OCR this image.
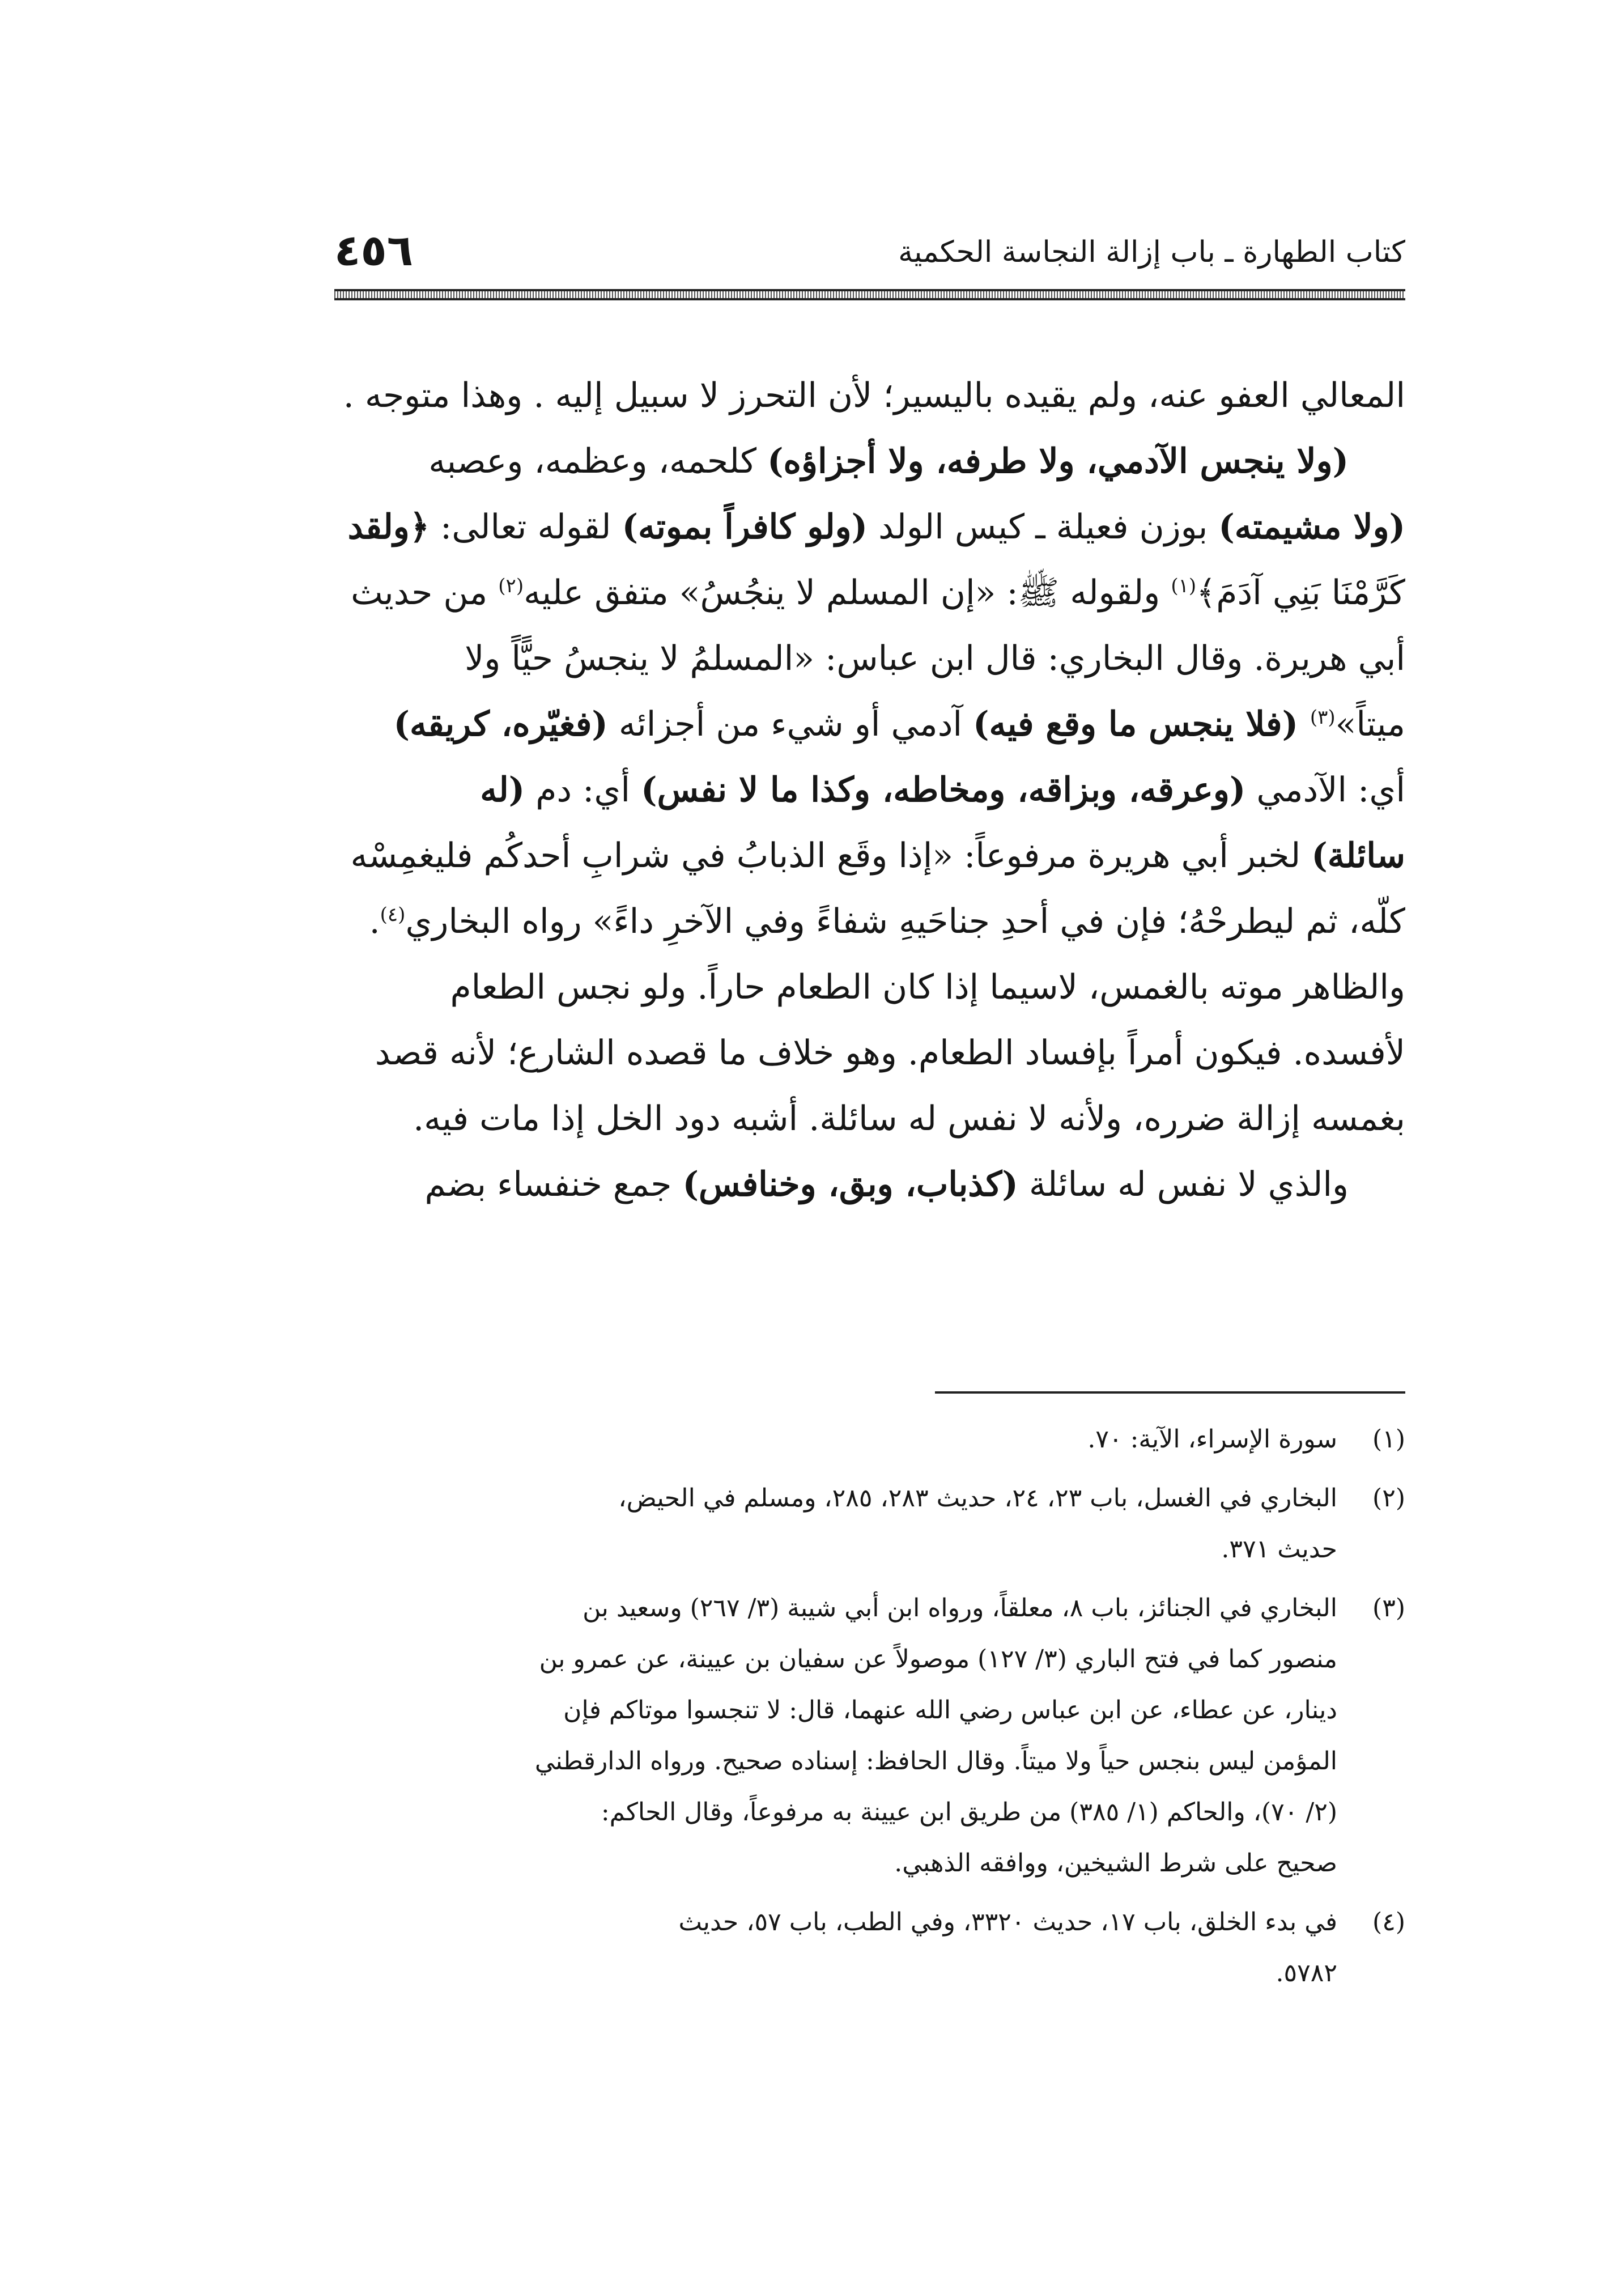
كتاب الطهارة ـ باب إزالة النجاسة الحكمية
٤٥٦
المعالي العفو عنه، ولم يقيده باليسير؛ لأن التحرز لا سبيل إليه . وهذا متوجه .
(ولا ينجس الآدمي، ولا طرفه، ولا أجزاؤه) كلحمه، وعظمه، وعصبه
(ولا مشيمته) بوزن فعيلة ـ كيس الولد (ولو كافراً بموته) لقوله تعالى: ﴿ولقد
كَرَّمْنَا بَنِي آدَمَ﴾$^{(١)}$ ولقوله ﷺ: «إن المسلم لا ينجُسُ» متفق عليه$^{(٢)}$ من حديث
أبي هريرة. وقال البخاري: قال ابن عباس: «المسلمُ لا ينجسُ حيًّاً ولا
ميتاً»$^{(٣)}$ (فلا ينجس ما وقع فيه) آدمي أو شيء من أجزائه (فغيّره، كريقه)
أي: الآدمي (وعرقه، وبزاقه، ومخاطه، وكذا ما لا نفس) أي: دم (له
سائلة) لخبر أبي هريرة مرفوعاً: «إذا وقَع الذبابُ في شرابِ أحدكُم فليغمِسْه
كلّه، ثم ليطرحْهُ؛ فإن في أحدِ جناحَيهِ شفاءً وفي الآخرِ داءً» رواه البخاري$^{(٤)}$.
والظاهر موته بالغمس، لاسيما إذا كان الطعام حاراً. ولو نجس الطعام
لأفسده. فيكون أمراً بإفساد الطعام. وهو خلاف ما قصده الشارع؛ لأنه قصد
بغمسه إزالة ضرره، ولأنه لا نفس له سائلة. أشبه دود الخل إذا مات فيه.
والذي لا نفس له سائلة (كذباب، وبق، وخنافس) جمع خنفساء بضم
(١)
سورة الإسراء، الآية: ٧٠.
(٢)
البخاري في الغسل، باب ٢٣، ٢٤، حديث ٢٨٣، ٢٨٥، ومسلم في الحيض،
حديث ٣٧١.
(٣)
البخاري في الجنائز، باب ٨، معلقاً، ورواه ابن أبي شيبة (٣/ ٢٦٧) وسعيد بن
منصور كما في فتح الباري (٣/ ١٢٧) موصولاً عن سفيان بن عيينة، عن عمرو بن
دينار، عن عطاء، عن ابن عباس رضي الله عنهما، قال: لا تنجسوا موتاكم فإن
المؤمن ليس بنجس حياً ولا ميتاً. وقال الحافظ: إسناده صحيح. ورواه الدارقطني
(٢/ ٧٠)، والحاكم (١/ ٣٨٥) من طريق ابن عيينة به مرفوعاً، وقال الحاكم:
صحيح على شرط الشيخين، ووافقه الذهبي.
(٤)
في بدء الخلق، باب ١٧، حديث ٣٣٢٠، وفي الطب، باب ٥٧، حديث
٥٧٨٢.
